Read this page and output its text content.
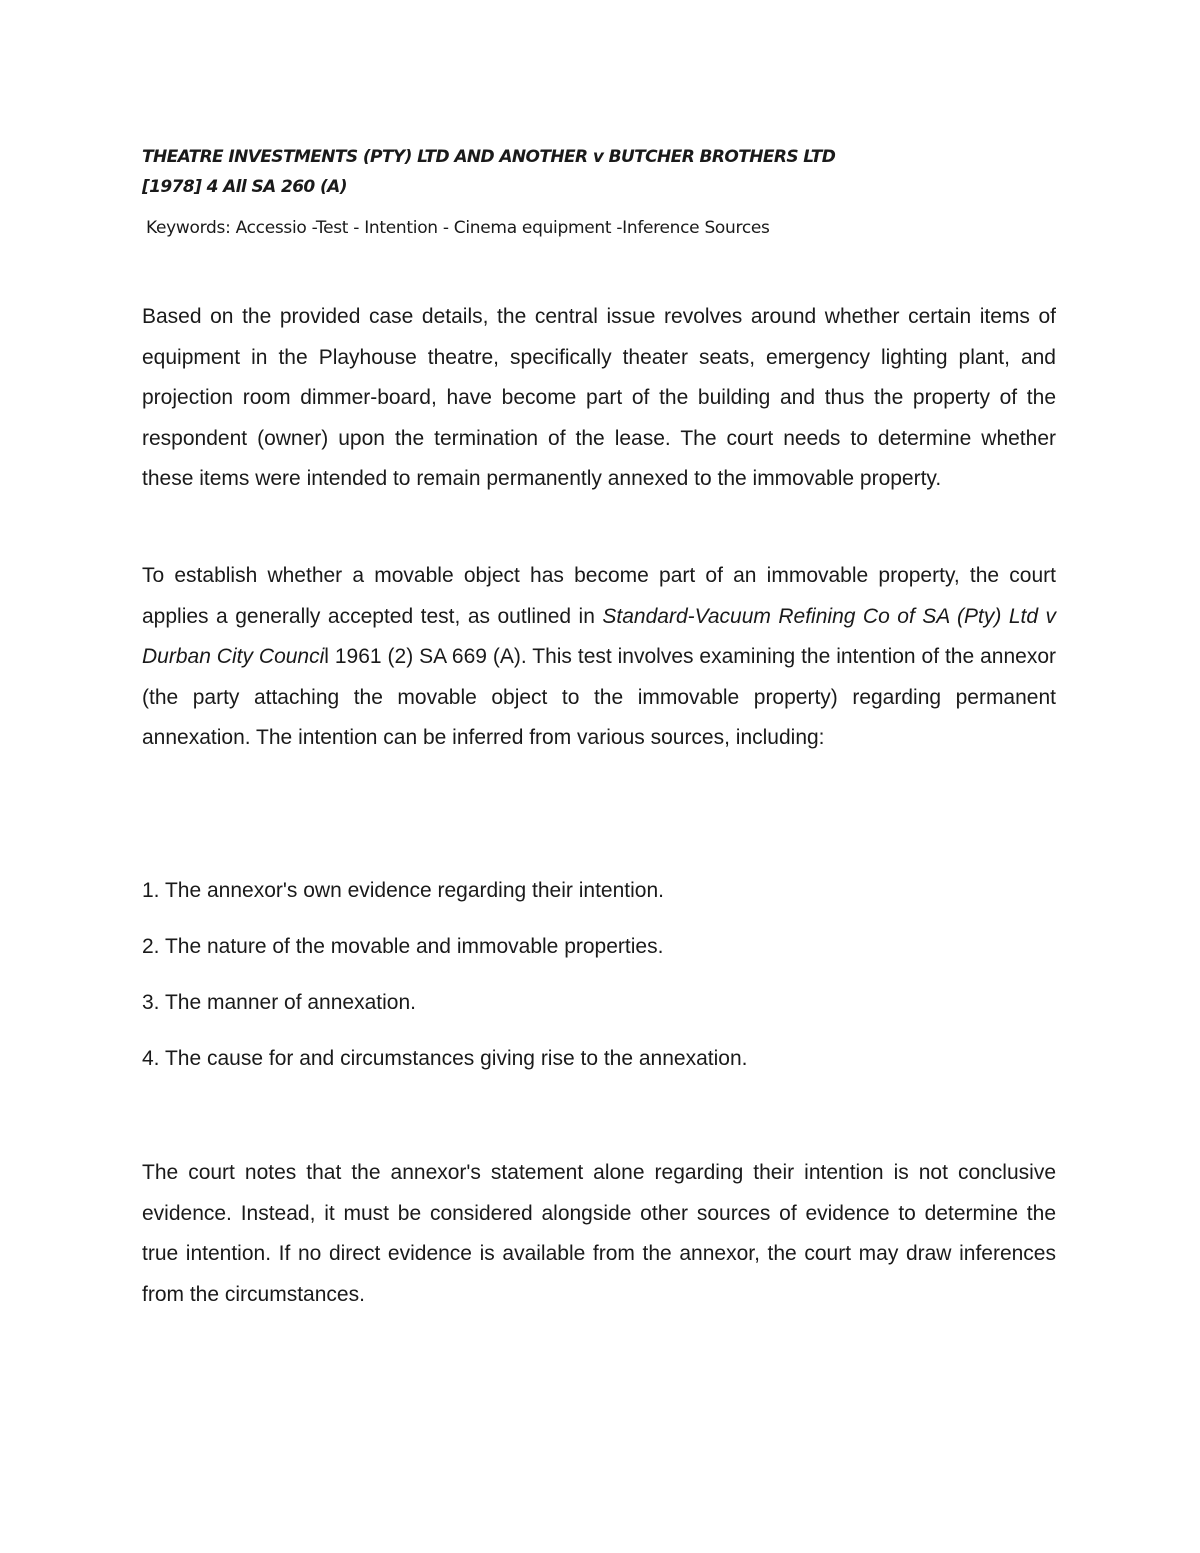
THEATRE INVESTMENTS (PTY) LTD AND ANOTHER v BUTCHER BROTHERS LTD
[1978] 4 All SA 260 (A)
Keywords: Accessio -Test - Intention - Cinema equipment -Inference Sources

Based on the provided case details, the central issue revolves around whether certain items of equipment in the Playhouse theatre, specifically theater seats, emergency lighting plant, and projection room dimmer-board, have become part of the building and thus the property of the respondent (owner) upon the termination of the lease. The court needs to determine whether these items were intended to remain permanently annexed to the immovable property.

To establish whether a movable object has become part of an immovable property, the court applies a generally accepted test, as outlined in Standard-Vacuum Refining Co of SA (Pty) Ltd v Durban City Council 1961 (2) SA 669 (A). This test involves examining the intention of the annexor (the party attaching the movable object to the immovable property) regarding permanent annexation. The intention can be inferred from various sources, including:

1. The annexor's own evidence regarding their intention.

2. The nature of the movable and immovable properties.

3. The manner of annexation.

4. The cause for and circumstances giving rise to the annexation.

The court notes that the annexor's statement alone regarding their intention is not conclusive evidence. Instead, it must be considered alongside other sources of evidence to determine the true intention. If no direct evidence is available from the annexor, the court may draw inferences from the circumstances.
